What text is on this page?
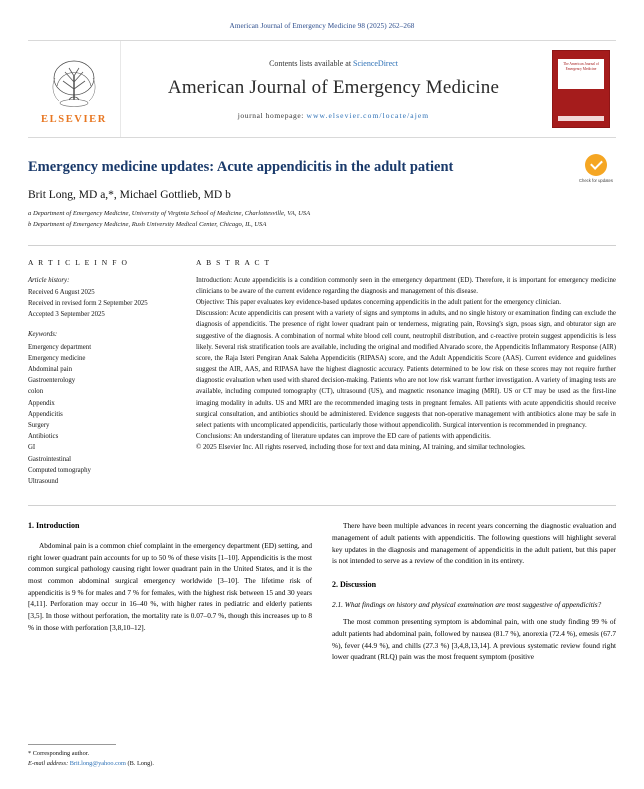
American Journal of Emergency Medicine 98 (2025) 262–268
ELSEVIER
Contents lists available at ScienceDirect
American Journal of Emergency Medicine
journal homepage: www.elsevier.com/locate/ajem
The American Journal of Emergency Medicine
Check for updates
Emergency medicine updates: Acute appendicitis in the adult patient
Brit Long, MD a,*, Michael Gottlieb, MD b
a Department of Emergency Medicine, University of Virginia School of Medicine, Charlottesville, VA, USA
b Department of Emergency Medicine, Rush University Medical Center, Chicago, IL, USA
A R T I C L E I N F O
Article history:
Received 6 August 2025
Received in revised form 2 September 2025
Accepted 3 September 2025
Keywords:
Emergency department
Emergency medicine
Abdominal pain
Gastroenterology
colon
Appendix
Appendicitis
Surgery
Antibiotics
GI
Gastrointestinal
Computed tomography
Ultrasound
A B S T R A C T

Introduction: Acute appendicitis is a condition commonly seen in the emergency department (ED). Therefore, it is important for emergency medicine clinicians to be aware of the current evidence regarding the diagnosis and management of this disease.

Objective: This paper evaluates key evidence-based updates concerning appendicitis in the adult patient for the emergency clinician.

Discussion: Acute appendicitis can present with a variety of signs and symptoms in adults, and no single history or examination finding can exclude the diagnosis of appendicitis. The presence of right lower quadrant pain or tenderness, migrating pain, Rovsing's sign, psoas sign, and obturator sign are suggestive of the diagnosis. A combination of normal white blood cell count, neutrophil distribution, and c-reactive protein suggest appendicitis is less likely. Several risk stratification tools are available, including the original and modified Alvarado score, the Appendicitis Inflammatory Response (AIR) score, the Raja Isteri Pengiran Anak Saleha Appendicitis (RIPASA) score, and the Adult Appendicitis Score (AAS). Current evidence and guidelines suggest the AIR, AAS, and RIPASA have the highest diagnostic accuracy. Patients determined to be low risk on these scores may not require further diagnostic evaluation when used with shared decision-making. Patients who are not low risk warrant further investigation. A variety of imaging tests are available, including computed tomography (CT), ultrasound (US), and magnetic resonance imaging (MRI). US or CT may be used as the first-line imaging modality in adults. US and MRI are the recommended imaging tests in pregnant females. All patients with acute appendicitis should receive surgical consultation, and antibiotics should be administered. Evidence suggests that non-operative management with antibiotics alone may be safe in select patients with uncomplicated appendicitis, particularly those without appendicolith. Surgical intervention is recommended in pregnancy.

Conclusions: An understanding of literature updates can improve the ED care of patients with appendicitis.

© 2025 Elsevier Inc. All rights reserved, including those for text and data mining, AI training, and similar technologies.

1. Introduction

Abdominal pain is a common chief complaint in the emergency department (ED) setting, and right lower quadrant pain accounts for up to 50 % of these visits [1–10]. Appendicitis is the most common surgical pathology causing right lower quadrant pain in the United States, and it is the most common abdominal surgical emergency worldwide [3–10]. The lifetime risk of appendicitis is 9 % for males and 7 % for females, with the highest risk between 15 and 30 years [4,11]. Perforation may occur in 16–40 %, with higher rates in pediatric and elderly patients [3,5]. In those without perforation, the mortality rate is 0.07–0.7 %, though this increases up to 8 % in those with perforation [3,8,10–12].

There have been multiple advances in recent years concerning the diagnostic evaluation and management of adult patients with appendicitis. The following questions will highlight several key updates in the diagnosis and management of appendicitis in the adult patient, but this paper is not intended to serve as a review of the condition in its entirety.

2. Discussion
2.1. What findings on history and physical examination are most suggestive of appendicitis?

The most common presenting symptom is abdominal pain, with one study finding 99 % of adult patients had abdominal pain, followed by nausea (81.7 %), anorexia (72.4 %), emesis (67.7 %), fever (44.9 %), and chills (27.3 %) [3,4,8,13,14]. A previous systematic review found right lower quadrant (RLQ) pain was the most frequent symptom (positive

* Corresponding author.
E-mail address: Brit.long@yahoo.com (B. Long).
